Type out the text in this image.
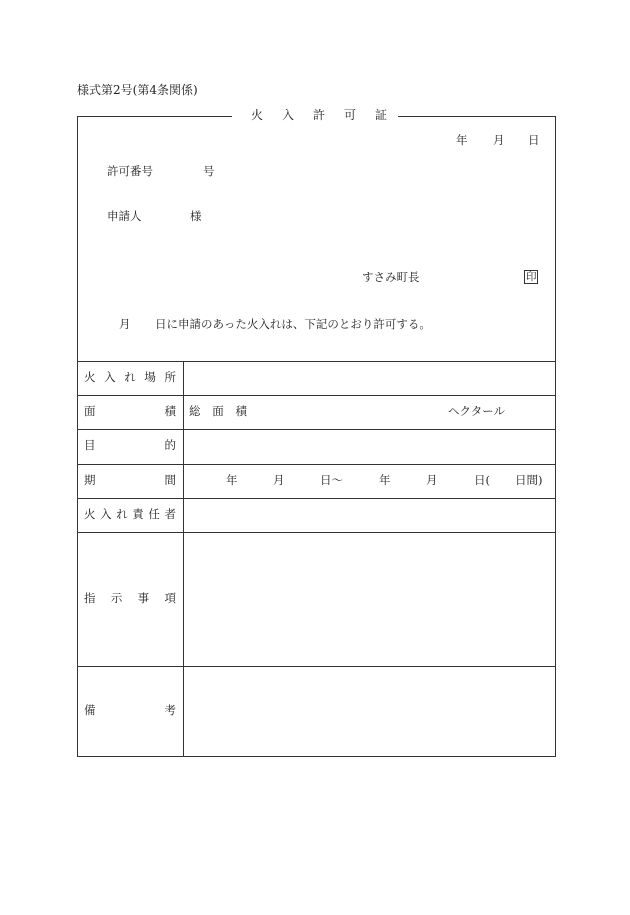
様式第2号(第4条関係)
火入許可証
年 月 日
許可番号	号
申請人	様
すさみ町長	印
月 日に申請のあった火入れは、下記のとおり許可する。
火 入 れ 場 所
面	積 総 面 積	ヘクタール
目	的
期	間	年	月	日〜	年	月	日( 日間)
火 入 れ 責 任 者
指 示 事 項
備	考
